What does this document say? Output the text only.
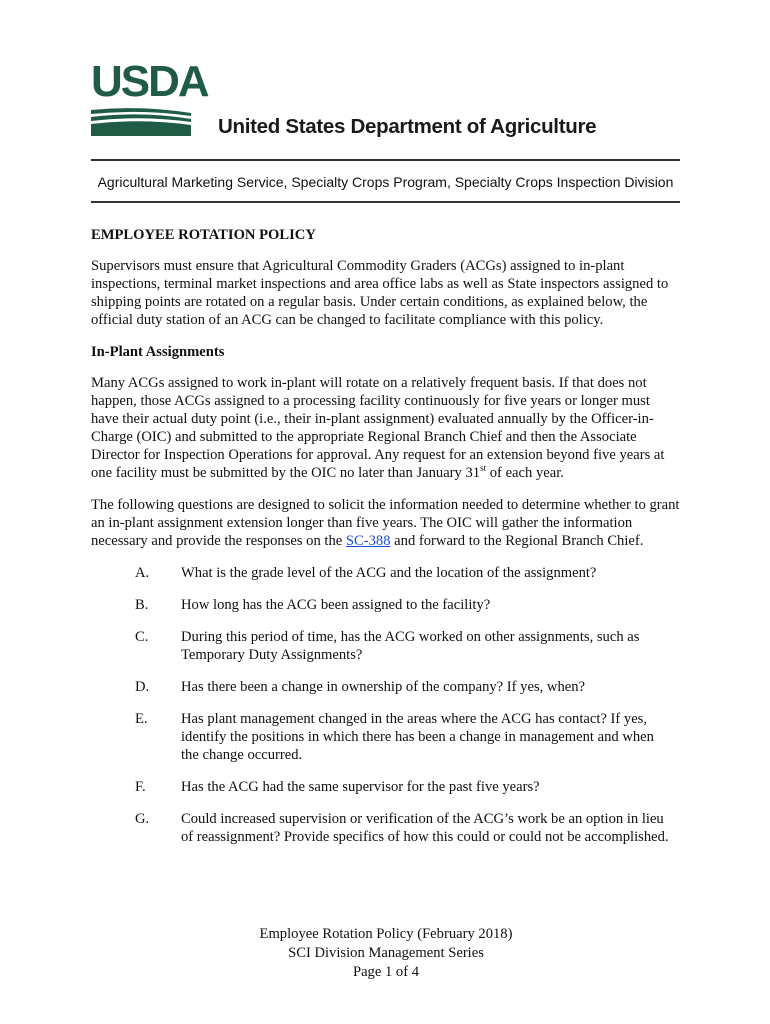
USDA
United States Department of Agriculture
Agricultural Marketing Service, Specialty Crops Program, Specialty Crops Inspection Division
EMPLOYEE ROTATION POLICY

Supervisors must ensure that Agricultural Commodity Graders (ACGs) assigned to in-plant inspections, terminal market inspections and area office labs as well as State inspectors assigned to shipping points are rotated on a regular basis. Under certain conditions, as explained below, the official duty station of an ACG can be changed to facilitate compliance with this policy.

In-Plant Assignments

Many ACGs assigned to work in-plant will rotate on a relatively frequent basis. If that does not happen, those ACGs assigned to a processing facility continuously for five years or longer must have their actual duty point (i.e., their in-plant assignment) evaluated annually by the Officer-in-Charge (OIC) and submitted to the appropriate Regional Branch Chief and then the Associate Director for Inspection Operations for approval. Any request for an extension beyond five years at one facility must be submitted by the OIC no later than January 31st of each year.

The following questions are designed to solicit the information needed to determine whether to grant an in-plant assignment extension longer than five years. The OIC will gather the information necessary and provide the responses on the SC-388 and forward to the Regional Branch Chief.

A.	What is the grade level of the ACG and the location of the assignment?
B.	How long has the ACG been assigned to the facility?
C.	During this period of time, has the ACG worked on other assignments, such as Temporary Duty Assignments?
D.	Has there been a change in ownership of the company? If yes, when?
E.	Has plant management changed in the areas where the ACG has contact? If yes, identify the positions in which there has been a change in management and when the change occurred.
F.	Has the ACG had the same supervisor for the past five years?
G.	Could increased supervision or verification of the ACG’s work be an option in lieu of reassignment? Provide specifics of how this could or could not be accomplished.
Employee Rotation Policy (February 2018)
SCI Division Management Series
Page 1 of 4
